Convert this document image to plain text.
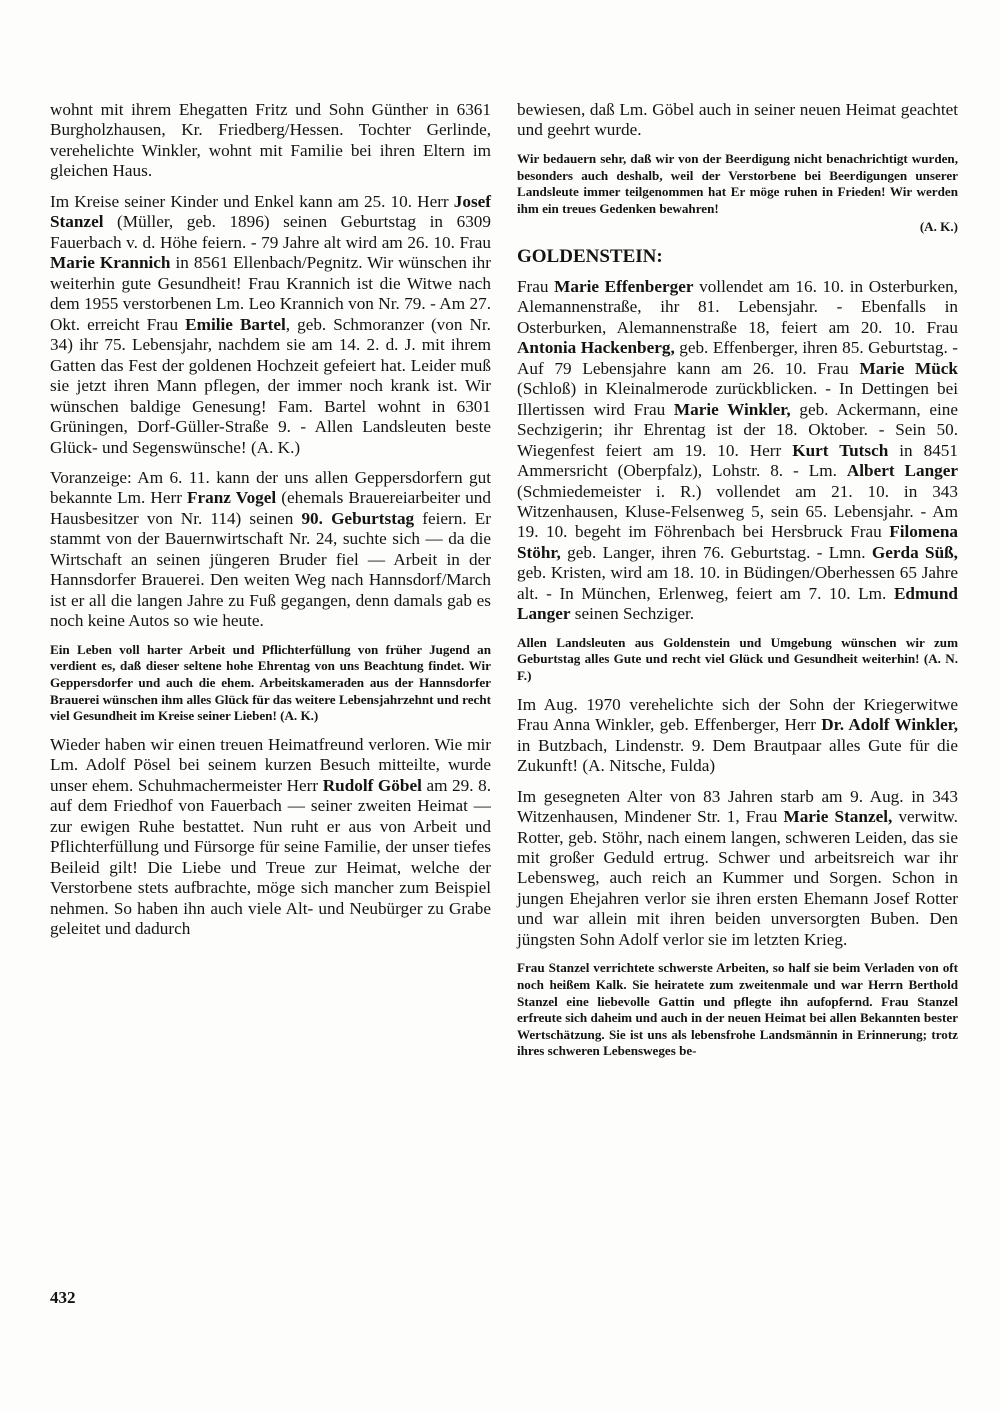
wohnt mit ihrem Ehegatten Fritz und Sohn Günther in 6361 Burgholzhausen, Kr. Friedberg/Hessen. Tochter Gerlinde, verehelichte Winkler, wohnt mit Familie bei ihren Eltern im gleichen Haus.

Im Kreise seiner Kinder und Enkel kann am 25. 10. Herr Josef Stanzel (Müller, geb. 1896) seinen Geburtstag in 6309 Fauerbach v. d. Höhe feiern. - 79 Jahre alt wird am 26. 10. Frau Marie Krannich in 8561 Ellenbach/Pegnitz. Wir wünschen ihr weiterhin gute Gesundheit! Frau Krannich ist die Witwe nach dem 1955 verstorbenen Lm. Leo Krannich von Nr. 79. - Am 27. Okt. erreicht Frau Emilie Bartel, geb. Schmoranzer (von Nr. 34) ihr 75. Lebensjahr, nachdem sie am 14. 2. d. J. mit ihrem Gatten das Fest der goldenen Hochzeit gefeiert hat. Leider muß sie jetzt ihren Mann pflegen, der immer noch krank ist. Wir wünschen baldige Genesung! Fam. Bartel wohnt in 6301 Grüningen, Dorf-Güller-Straße 9. - Allen Landsleuten beste Glück- und Segenswünsche! (A. K.)

Voranzeige: Am 6. 11. kann der uns allen Geppersdorfern gut bekannte Lm. Herr Franz Vogel (ehemals Brauereiarbeiter und Hausbesitzer von Nr. 114) seinen 90. Geburtstag feiern. Er stammt von der Bauernwirtschaft Nr. 24, suchte sich — da die Wirtschaft an seinen jüngeren Bruder fiel — Arbeit in der Hannsdorfer Brauerei. Den weiten Weg nach Hannsdorf/March ist er all die langen Jahre zu Fuß gegangen, denn damals gab es noch keine Autos so wie heute.

Ein Leben voll harter Arbeit und Pflichterfüllung von früher Jugend an verdient es, daß dieser seltene hohe Ehrentag von uns Beachtung findet. Wir Geppersdorfer und auch die ehem. Arbeitskameraden aus der Hannsdorfer Brauerei wünschen ihm alles Glück für das weitere Lebensjahrzehnt und recht viel Gesundheit im Kreise seiner Lieben! (A. K.)

Wieder haben wir einen treuen Heimatfreund verloren. Wie mir Lm. Adolf Pösel bei seinem kurzen Besuch mitteilte, wurde unser ehem. Schuhmachermeister Herr Rudolf Göbel am 29. 8. auf dem Friedhof von Fauerbach — seiner zweiten Heimat — zur ewigen Ruhe bestattet. Nun ruht er aus von Arbeit und Pflichterfüllung und Fürsorge für seine Familie, der unser tiefes Beileid gilt! Die Liebe und Treue zur Heimat, welche der Verstorbene stets aufbrachte, möge sich mancher zum Beispiel nehmen. So haben ihn auch viele Alt- und Neubürger zu Grabe geleitet und dadurch

bewiesen, daß Lm. Göbel auch in seiner neuen Heimat geachtet und geehrt wurde.

Wir bedauern sehr, daß wir von der Beerdigung nicht benachrichtigt wurden, besonders auch deshalb, weil der Verstorbene bei Beerdigungen unserer Landsleute immer teilgenommen hat Er möge ruhen in Frieden! Wir werden ihm ein treues Gedenken bewahren!

(A. K.)

GOLDENSTEIN:

Frau Marie Effenberger vollendet am 16. 10. in Osterburken, Alemannenstraße, ihr 81. Lebensjahr. - Ebenfalls in Osterburken, Alemannenstraße 18, feiert am 20. 10. Frau Antonia Hackenberg, geb. Effenberger, ihren 85. Geburtstag. - Auf 79 Lebensjahre kann am 26. 10. Frau Marie Mück (Schloß) in Kleinalmerode zurückblicken. - In Dettingen bei Illertissen wird Frau Marie Winkler, geb. Ackermann, eine Sechzigerin; ihr Ehrentag ist der 18. Oktober. - Sein 50. Wiegenfest feiert am 19. 10. Herr Kurt Tutsch in 8451 Ammersricht (Oberpfalz), Lohstr. 8. - Lm. Albert Langer (Schmiedemeister i. R.) vollendet am 21. 10. in 343 Witzenhausen, Kluse-Felsenweg 5, sein 65. Lebensjahr. - Am 19. 10. begeht im Föhrenbach bei Hersbruck Frau Filomena Stöhr, geb. Langer, ihren 76. Geburtstag. - Lmn. Gerda Süß, geb. Kristen, wird am 18. 10. in Büdingen/Oberhessen 65 Jahre alt. - In München, Erlenweg, feiert am 7. 10. Lm. Edmund Langer seinen Sechziger.

Allen Landsleuten aus Goldenstein und Umgebung wünschen wir zum Geburtstag alles Gute und recht viel Glück und Gesundheit weiterhin! (A. N. F.)

Im Aug. 1970 verehelichte sich der Sohn der Kriegerwitwe Frau Anna Winkler, geb. Effenberger, Herr Dr. Adolf Winkler, in Butzbach, Lindenstr. 9. Dem Brautpaar alles Gute für die Zukunft! (A. Nitsche, Fulda)

Im gesegneten Alter von 83 Jahren starb am 9. Aug. in 343 Witzenhausen, Mindener Str. 1, Frau Marie Stanzel, verwitw. Rotter, geb. Stöhr, nach einem langen, schweren Leiden, das sie mit großer Geduld ertrug. Schwer und arbeitsreich war ihr Lebensweg, auch reich an Kummer und Sorgen. Schon in jungen Ehejahren verlor sie ihren ersten Ehemann Josef Rotter und war allein mit ihren beiden unversorgten Buben. Den jüngsten Sohn Adolf verlor sie im letzten Krieg.

Frau Stanzel verrichtete schwerste Arbeiten, so half sie beim Verladen von oft noch heißem Kalk. Sie heiratete zum zweitenmale und war Herrn Berthold Stanzel eine liebevolle Gattin und pflegte ihn aufopfernd. Frau Stanzel erfreute sich daheim und auch in der neuen Heimat bei allen Bekannten bester Wertschätzung. Sie ist uns als lebensfrohe Landsmännin in Erinnerung; trotz ihres schweren Lebensweges be-

432
